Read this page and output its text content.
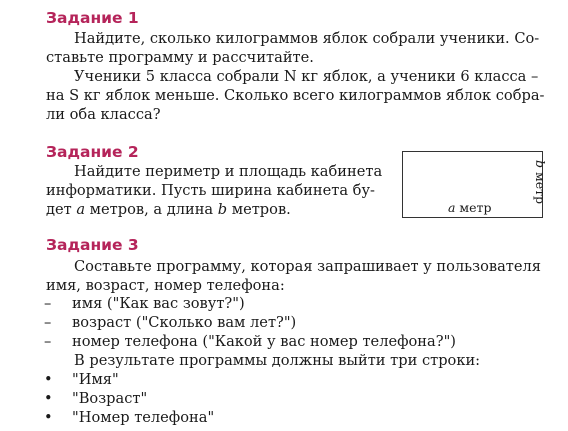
Задание 1
Найдите, сколько килограммов яблок собрали ученики. Со-
ставьте программу и рассчитайте.
Ученики 5 класса собрали N кг яблок, а ученики 6 класса –
на S кг яблок меньше. Сколько всего килограммов яблок собра-
ли оба класса?
Задание 2
Найдите периметр и площадь кабинета
информатики. Пусть ширина кабинета бу-
дет a метров, а длина b метров.	a метр
b метр
Задание 3
Составьте программу, которая запрашивает у пользователя
имя, возраст, номер телефона:
– имя ("Как вас зовут?")
– возраст ("Сколько вам лет?")
– номер телефона ("Какой у вас номер телефона?")
В результате программы должны выйти три строки:
• "Имя"
• "Возраст"
• "Номер телефона"
